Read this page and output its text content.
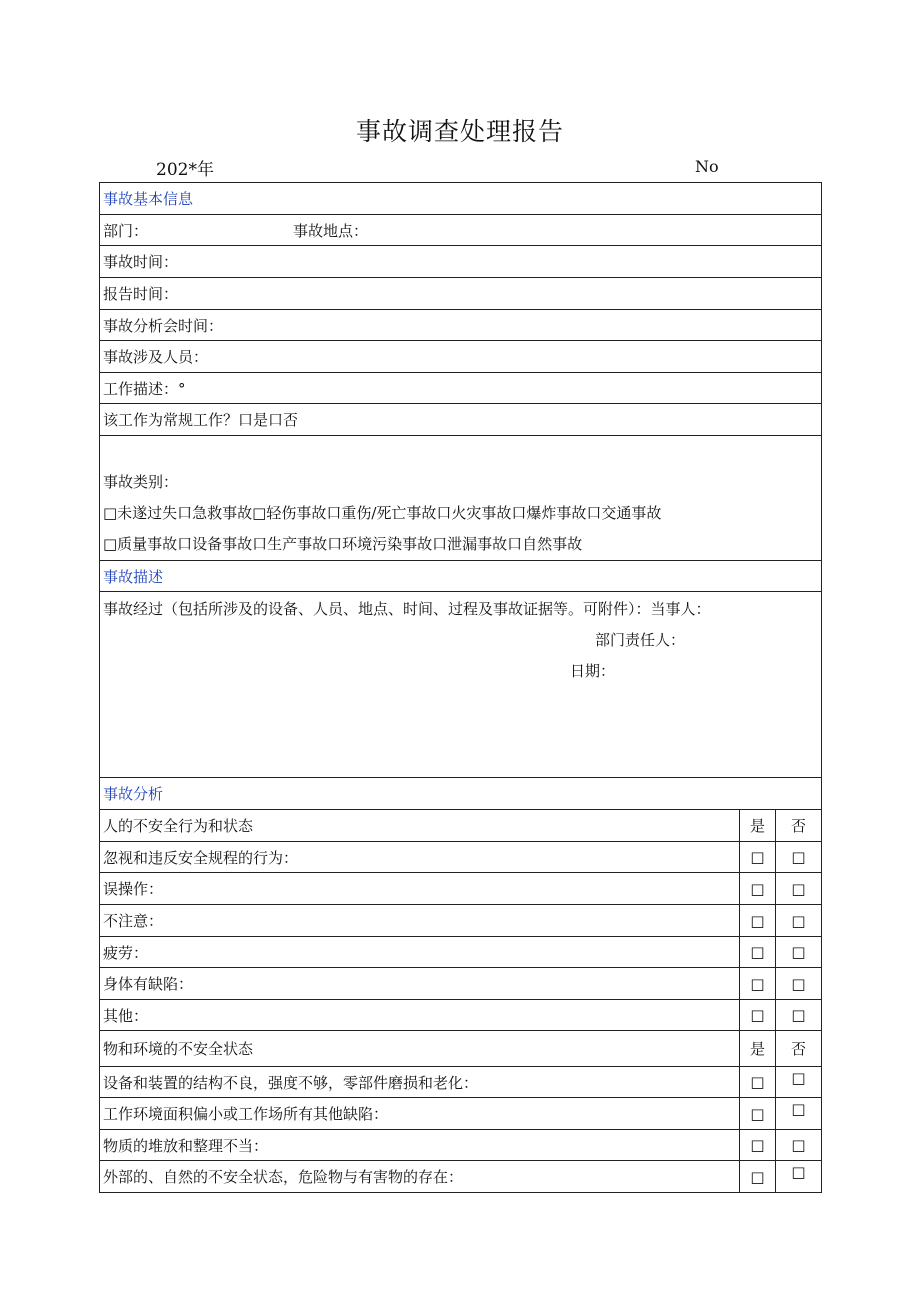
事故调查处理报告
202*年	No
事故基本信息		
部门： 事故地点：		
事故时间：		
报告时间：		
事故分析会时间：		
事故涉及人员：		
工作描述：°		
该工作为常规工作？口是口否		

事故类别：
□未遂过失口急救事故□轻伤事故口重伤/死亡事故口火灾事故口爆炸事故口交通事故
□质量事故口设备事故口生产事故口环境污染事故口泄漏事故口自然事故		

事故描述		

事故经过（包括所涉及的设备、人员、地点、时间、过程及事故证据等。可附件）：当事人：
部门责任人：
日期：		

事故分析		
人的不安全行为和状态	是	否
忽视和违反安全规程的行为：	□	□
误操作：	□	□
不注意：	□	□
疲劳：	□	□
身体有缺陷：	□	□
其他：	□	□
物和环境的不安全状态	是	否
设备和装置的结构不良，强度不够，零部件磨损和老化：	□	□
工作环境面积偏小或工作场所有其他缺陷：	□	□
物质的堆放和整理不当：	□	□
外部的、自然的不安全状态，危险物与有害物的存在：	□	□
